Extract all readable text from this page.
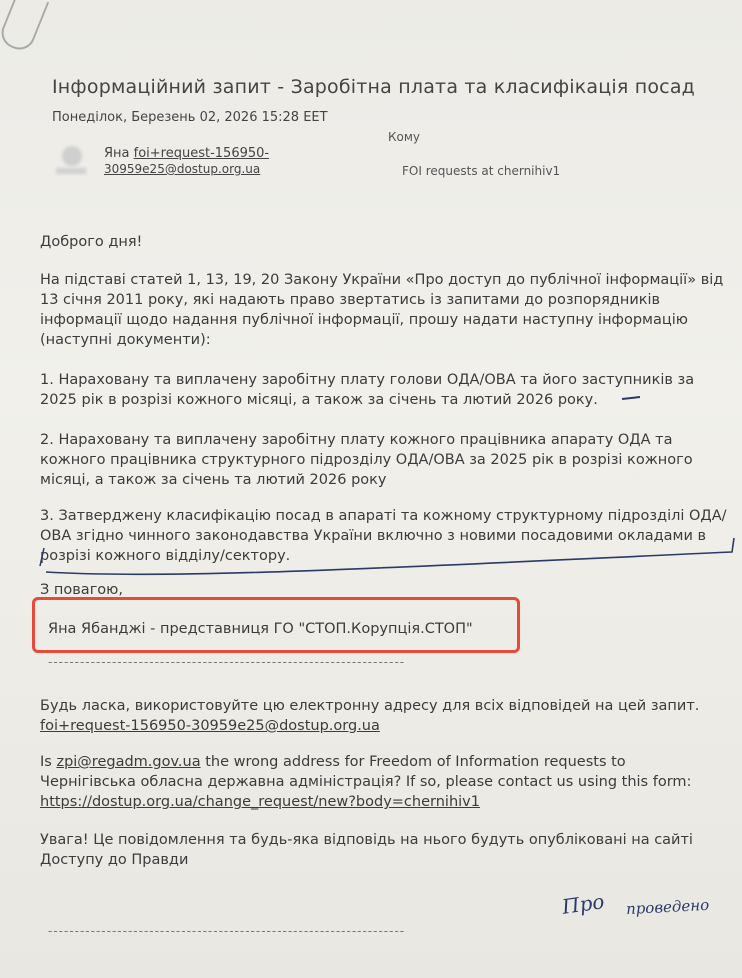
Інформаційний запит - Заробітна плата та класифікація посад
Понеділок, Березень 02, 2026 15:28 EET
Кому
Яна foi+request-156950-
30959e25@dostup.org.ua	FOI requests at chernihiv1
Доброго дня!
На підставі статей 1, 13, 19, 20 Закону України «Про доступ до публічної інформації» від
13 січня 2011 року, які надають право звертатись із запитами до розпорядників
інформації щодо надання публічної інформації, прошу надати наступну інформацію
(наступні документи):
1. Нараховану та виплачену заробітну плату голови ОДА/ОВА та його заступників за
2025 рік в розрізі кожного місяці, а також за січень та лютий 2026 року.
2. Нараховану та виплачену заробітну плату кожного працівника апарату ОДА та
кожного працівника структурного підрозділу ОДА/ОВА за 2025 рік в розрізі кожного
місяці, а також за січень та лютий 2026 року
3. Затверджену класифікацію посад в апараті та кожному структурному підрозділі ОДА/
ОВА згідно чинного законодавства України включно з новими посадовими окладами в
розрізі кожного відділу/сектору.
З повагою,
Яна Ябанджі - представниця ГО "СТОП.Корупція.СТОП"
-------------------------------------------------------------------
Будь ласка, використовуйте цю електронну адресу для всіх відповідей на цей запит.
foi+request-156950-30959e25@dostup.org.ua
Is zpi@regadm.gov.ua the wrong address for Freedom of Information requests to
Чернігівська обласна державна адміністрація? If so, please contact us using this form:
https://dostup.org.ua/change_request/new?body=chernihiv1
Увага! Це повідомлення та будь-яка відповідь на нього будуть опубліковані на сайті
Доступу до Правди
Про проведено
-------------------------------------------------------------------
